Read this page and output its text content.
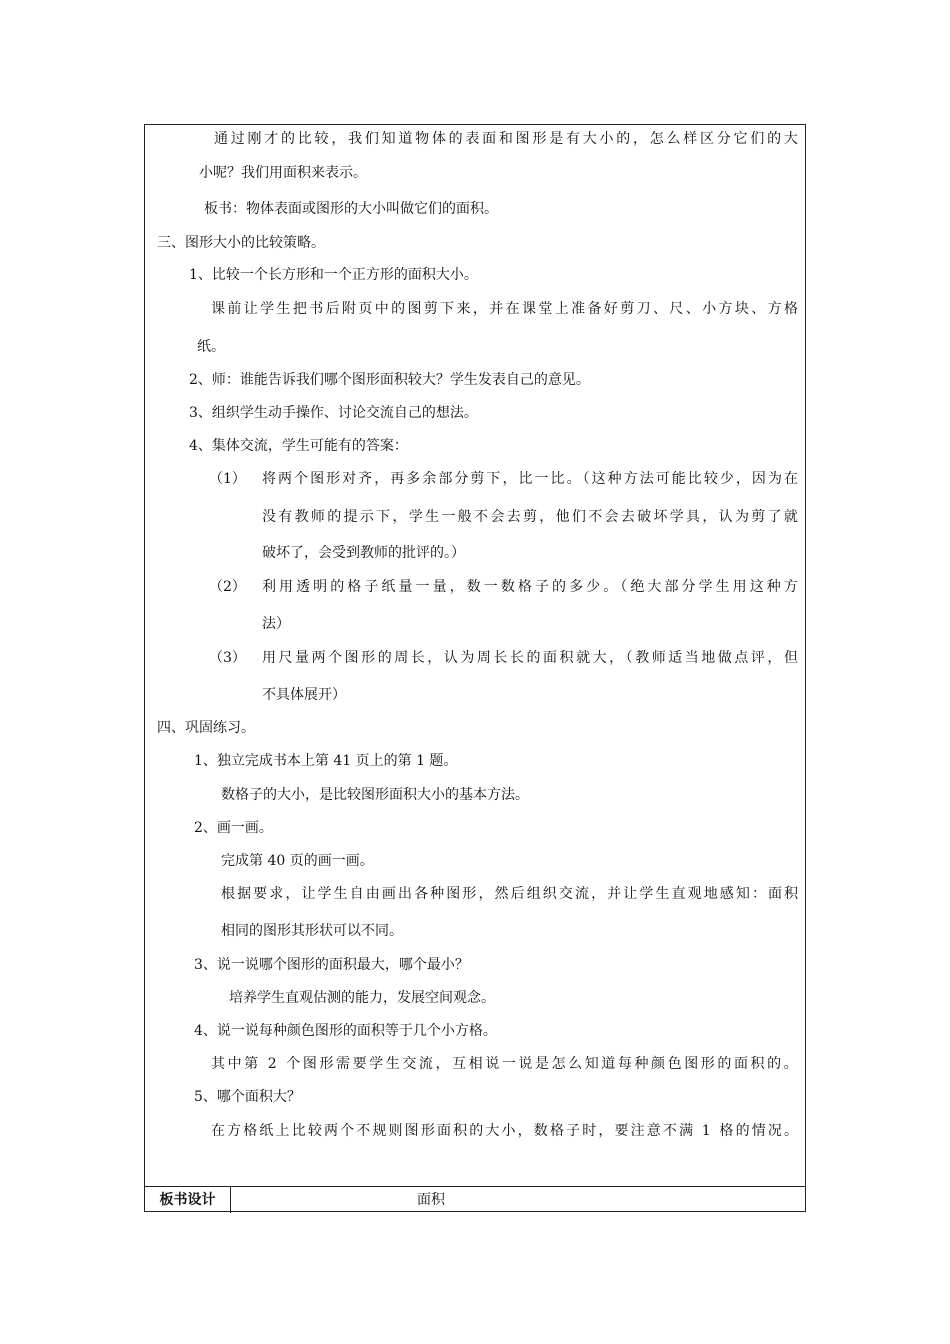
通过刚才的比较，我们知道物体的表面和图形是有大小的，怎么样区分它们的大
小呢？我们用面积来表示。
板书：物体表面或图形的大小叫做它们的面积。
三、图形大小的比较策略。
1、比较一个长方形和一个正方形的面积大小。
课前让学生把书后附页中的图剪下来，并在课堂上准备好剪刀、尺、小方块、方格
纸。
2、师：谁能告诉我们哪个图形面积较大？学生发表自己的意见。
3、组织学生动手操作、讨论交流自己的想法。
4、集体交流，学生可能有的答案：
（1） 将两个图形对齐，再多余部分剪下，比一比。（这种方法可能比较少，因为在
没有教师的提示下，学生一般不会去剪，他们不会去破坏学具，认为剪了就
破坏了，会受到教师的批评的。）
（2） 利用透明的格子纸量一量，数一数格子的多少。（绝大部分学生用这种方
法）
（3） 用尺量两个图形的周长，认为周长长的面积就大，（教师适当地做点评，但
不具体展开）
四、巩固练习。
1、独立完成书本上第 41 页上的第 1 题。
数格子的大小，是比较图形面积大小的基本方法。
2、画一画。
完成第 40 页的画一画。
根据要求，让学生自由画出各种图形，然后组织交流，并让学生直观地感知：面积
相同的图形其形状可以不同。
3、说一说哪个图形的面积最大，哪个最小？
培养学生直观估测的能力，发展空间观念。
4、说一说每种颜色图形的面积等于几个小方格。
其中第 2 个图形需要学生交流，互相说一说是怎么知道每种颜色图形的面积的。
5、哪个面积大？
在方格纸上比较两个不规则图形面积的大小，数格子时，要注意不满 1 格的情况。
板书设计	面积
